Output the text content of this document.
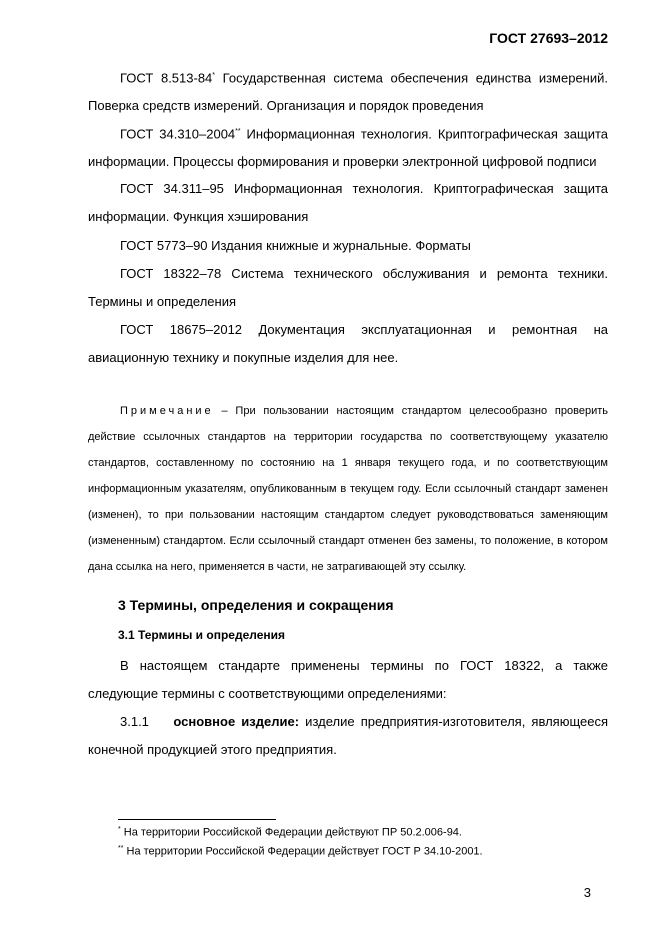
ГОСТ 27693–2012
ГОСТ 8.513-84* Государственная система обеспечения единства измерений. Поверка средств измерений. Организация и порядок проведения
ГОСТ 34.310–2004** Информационная технология. Криптографическая защита информации. Процессы формирования и проверки электронной цифровой подписи
ГОСТ 34.311–95 Информационная технология. Криптографическая защита информации. Функция хэширования
ГОСТ 5773–90 Издания книжные и журнальные. Форматы
ГОСТ 18322–78 Система технического обслуживания и ремонта техники. Термины и определения
ГОСТ 18675–2012 Документация эксплуатационная и ремонтная на авиационную технику и покупные изделия для нее.
Примечание – При пользовании настоящим стандартом целесообразно проверить действие ссылочных стандартов на территории государства по соответствующему указателю стандартов, составленному по состоянию на 1 января текущего года, и по соответствующим информационным указателям, опубликованным в текущем году. Если ссылочный стандарт заменен (изменен), то при пользовании настоящим стандартом следует руководствоваться заменяющим (измененным) стандартом. Если ссылочный стандарт отменен без замены, то положение, в котором дана ссылка на него, применяется в части, не затрагивающей эту ссылку.
3 Термины, определения и сокращения
3.1 Термины и определения
В настоящем стандарте применены термины по ГОСТ 18322, а также следующие термины с соответствующими определениями:
3.1.1 основное изделие: изделие предприятия-изготовителя, являющееся конечной продукцией этого предприятия.
* На территории Российской Федерации действуют ПР 50.2.006-94.
** На территории Российской Федерации действует ГОСТ Р 34.10-2001.
3
